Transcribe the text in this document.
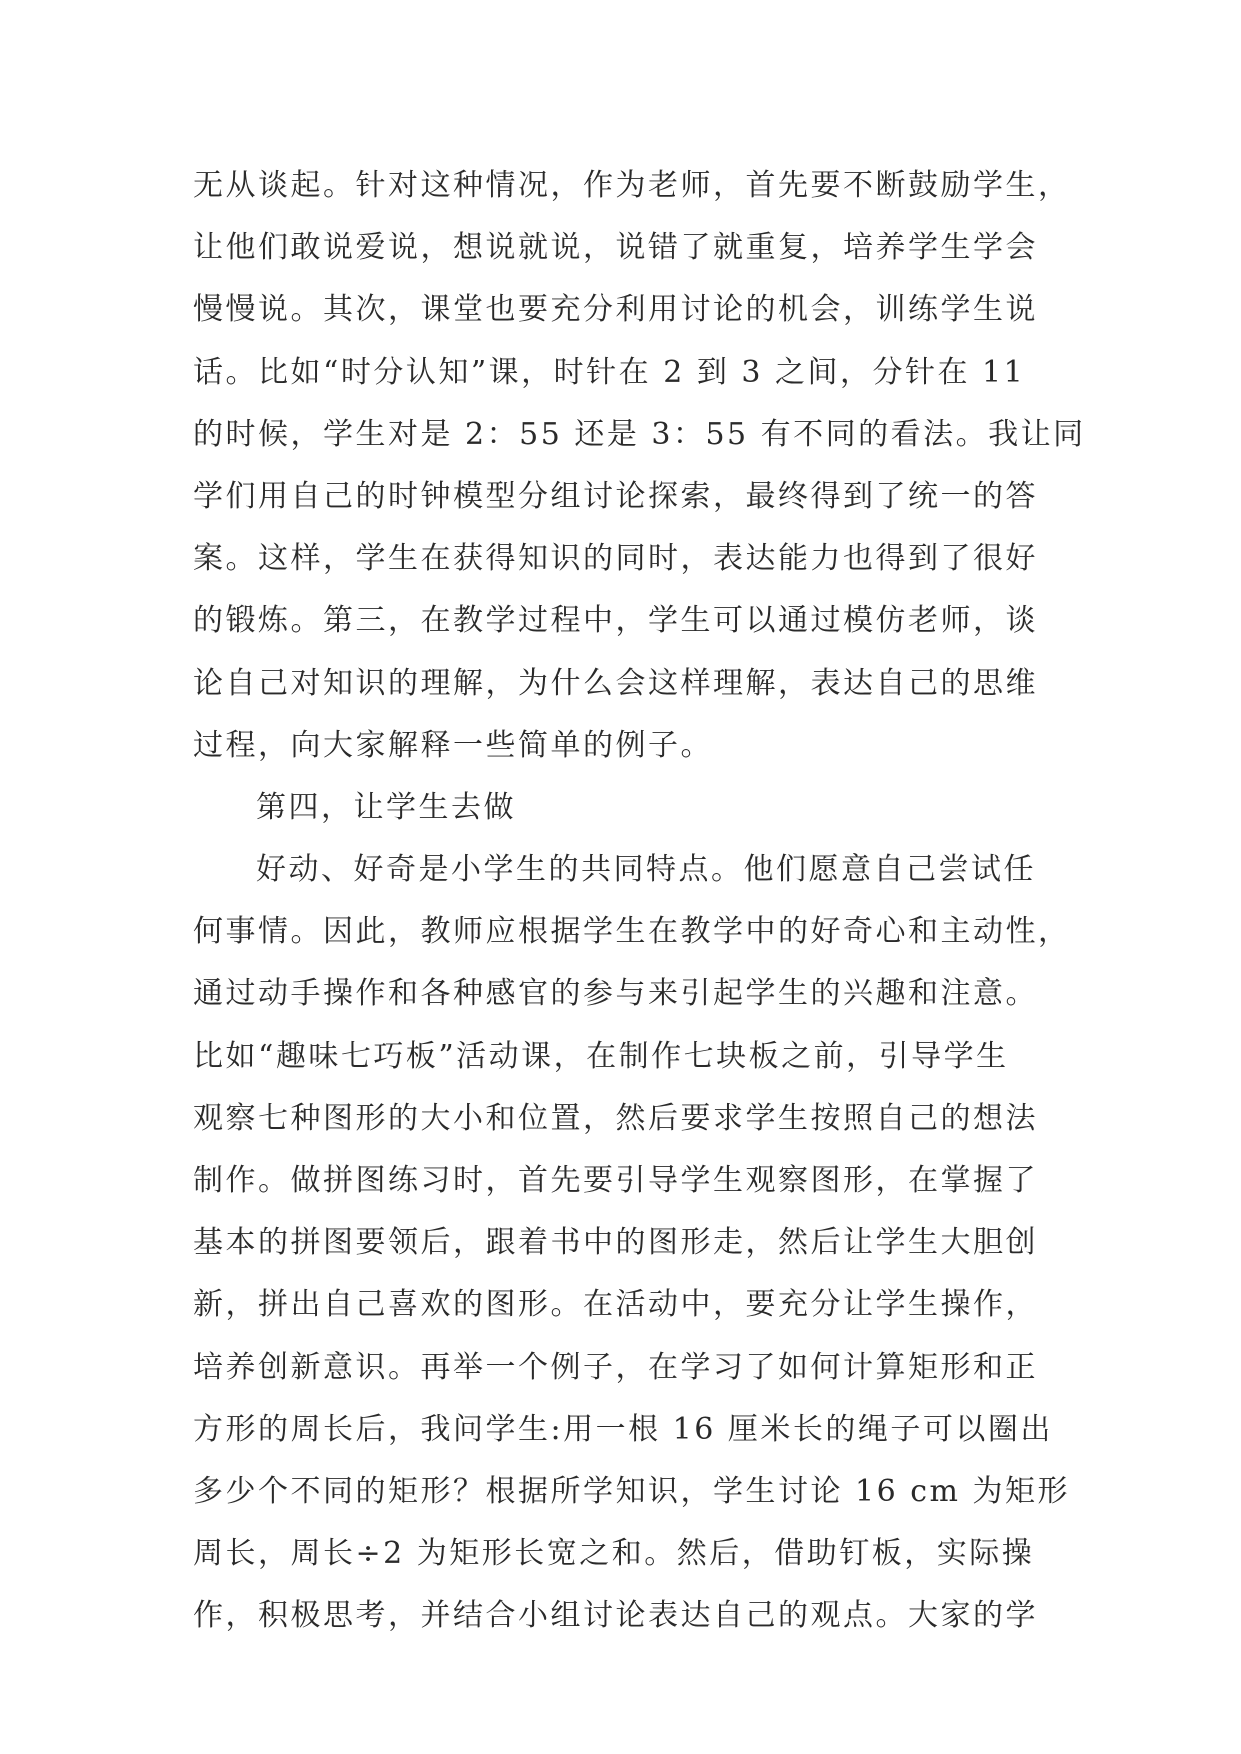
无从谈起。针对这种情况，作为老师，首先要不断鼓励学生，
让他们敢说爱说，想说就说，说错了就重复，培养学生学会
慢慢说。其次，课堂也要充分利用讨论的机会，训练学生说
话。比如“时分认知”课，时针在 2 到 3 之间，分针在 11
的时候，学生对是 2：55 还是 3：55 有不同的看法。我让同
学们用自己的时钟模型分组讨论探索，最终得到了统一的答
案。这样，学生在获得知识的同时，表达能力也得到了很好
的锻炼。第三，在教学过程中，学生可以通过模仿老师，谈
论自己对知识的理解，为什么会这样理解，表达自己的思维
过程，向大家解释一些简单的例子。
第四，让学生去做
好动、好奇是小学生的共同特点。他们愿意自己尝试任
何事情。因此，教师应根据学生在教学中的好奇心和主动性，
通过动手操作和各种感官的参与来引起学生的兴趣和注意。
比如“趣味七巧板”活动课，在制作七块板之前，引导学生
观察七种图形的大小和位置，然后要求学生按照自己的想法
制作。做拼图练习时，首先要引导学生观察图形，在掌握了
基本的拼图要领后，跟着书中的图形走，然后让学生大胆创
新，拼出自己喜欢的图形。在活动中，要充分让学生操作，
培养创新意识。再举一个例子，在学习了如何计算矩形和正
方形的周长后，我问学生:用一根 16 厘米长的绳子可以圈出
多少个不同的矩形？根据所学知识，学生讨论 16 cm 为矩形
周长，周长÷2 为矩形长宽之和。然后，借助钉板，实际操
作，积极思考，并结合小组讨论表达自己的观点。大家的学
